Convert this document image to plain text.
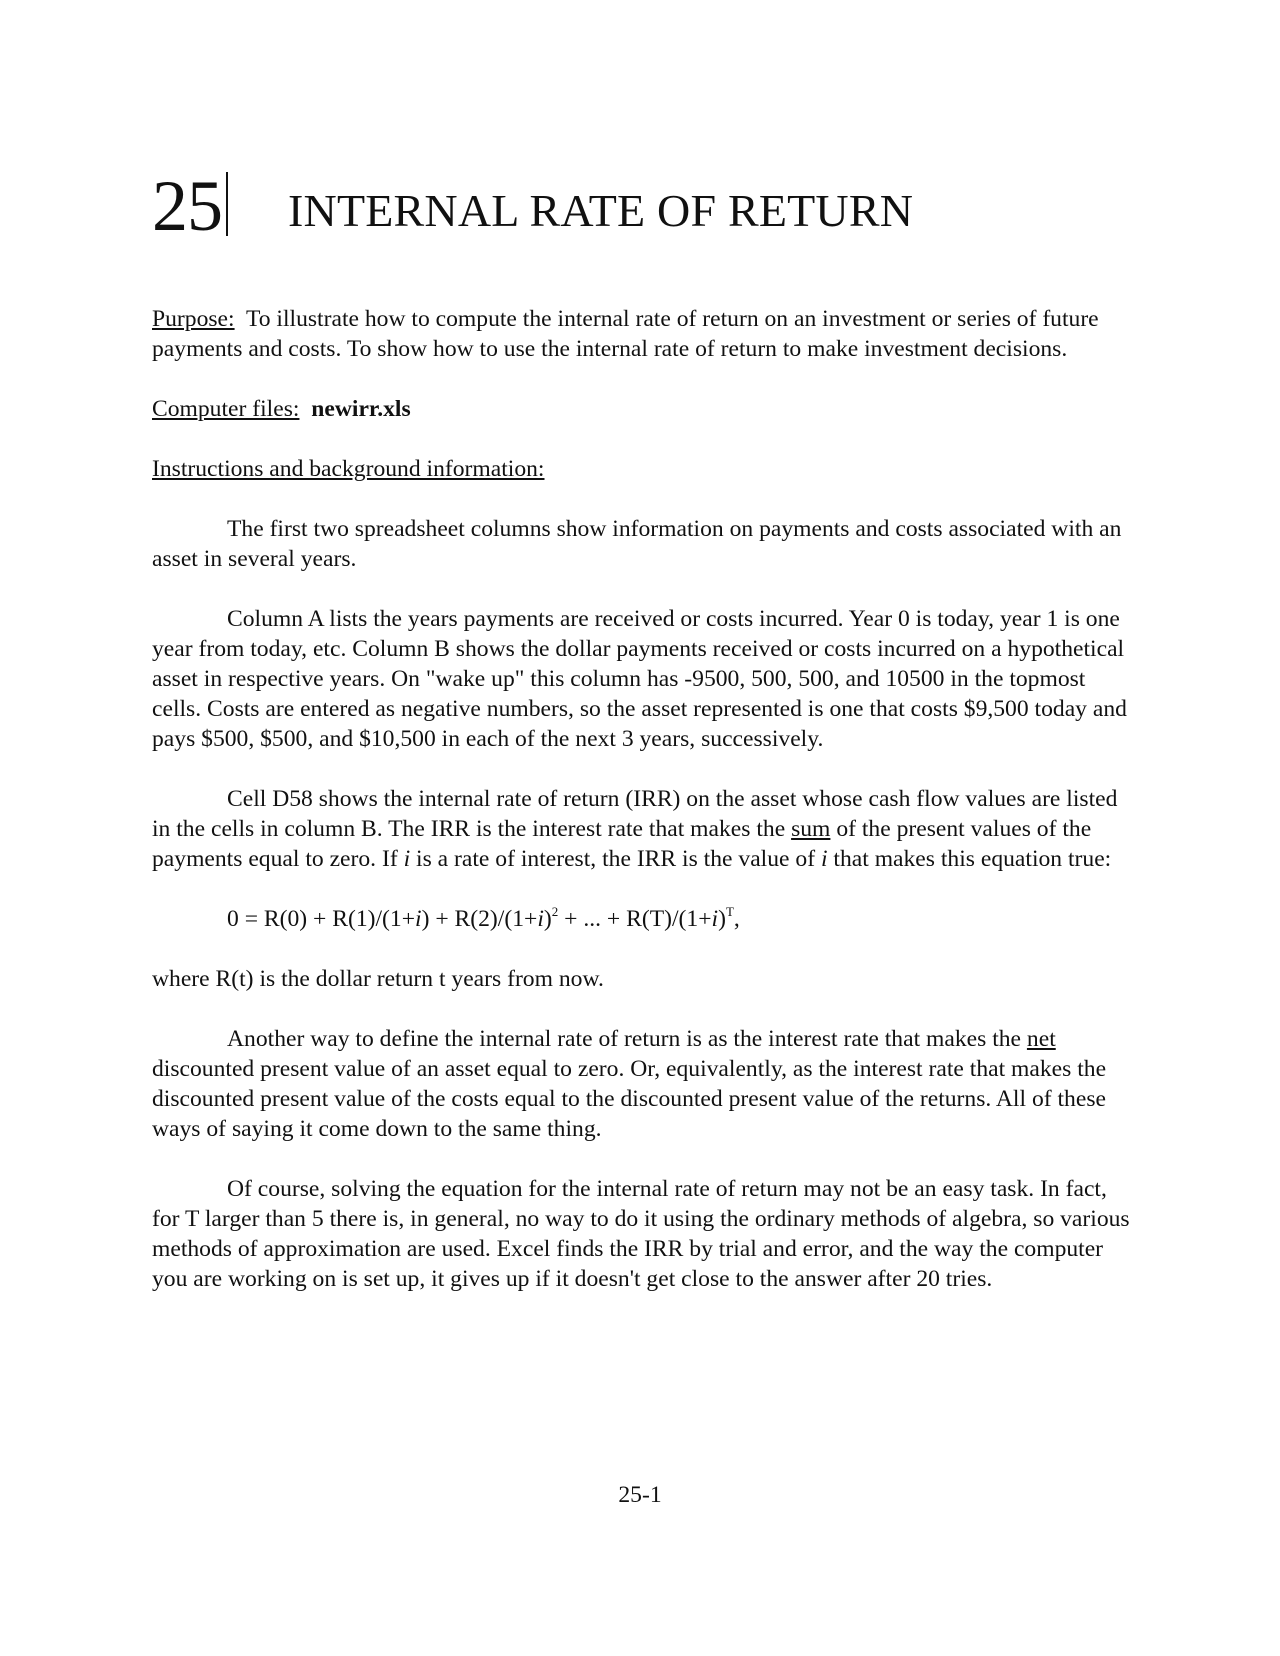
25 INTERNAL RATE OF RETURN

Purpose: To illustrate how to compute the internal rate of return on an investment or series of future payments and costs. To show how to use the internal rate of return to make investment decisions.

Computer files: newirr.xls

Instructions and background information:

The first two spreadsheet columns show information on payments and costs associated with an asset in several years.

Column A lists the years payments are received or costs incurred. Year 0 is today, year 1 is one year from today, etc. Column B shows the dollar payments received or costs incurred on a hypothetical asset in respective years. On "wake up" this column has -9500, 500, 500, and 10500 in the topmost cells. Costs are entered as negative numbers, so the asset represented is one that costs $9,500 today and pays $500, $500, and $10,500 in each of the next 3 years, successively.

Cell D58 shows the internal rate of return (IRR) on the asset whose cash flow values are listed in the cells in column B. The IRR is the interest rate that makes the sum of the present values of the payments equal to zero. If i is a rate of interest, the IRR is the value of i that makes this equation true:

$0 = R(0) + R(1)/(1+i) + R(2)/(1+i)^2$ + ... + $R(T)/(1+i)^T$,

where R(t) is the dollar return t years from now.

Another way to define the internal rate of return is as the interest rate that makes the net discounted present value of an asset equal to zero. Or, equivalently, as the interest rate that makes the discounted present value of the costs equal to the discounted present value of the returns. All of these ways of saying it come down to the same thing.

Of course, solving the equation for the internal rate of return may not be an easy task. In fact, for T larger than 5 there is, in general, no way to do it using the ordinary methods of algebra, so various methods of approximation are used. Excel finds the IRR by trial and error, and the way the computer you are working on is set up, it gives up if it doesn't get close to the answer after 20 tries.

25-1
